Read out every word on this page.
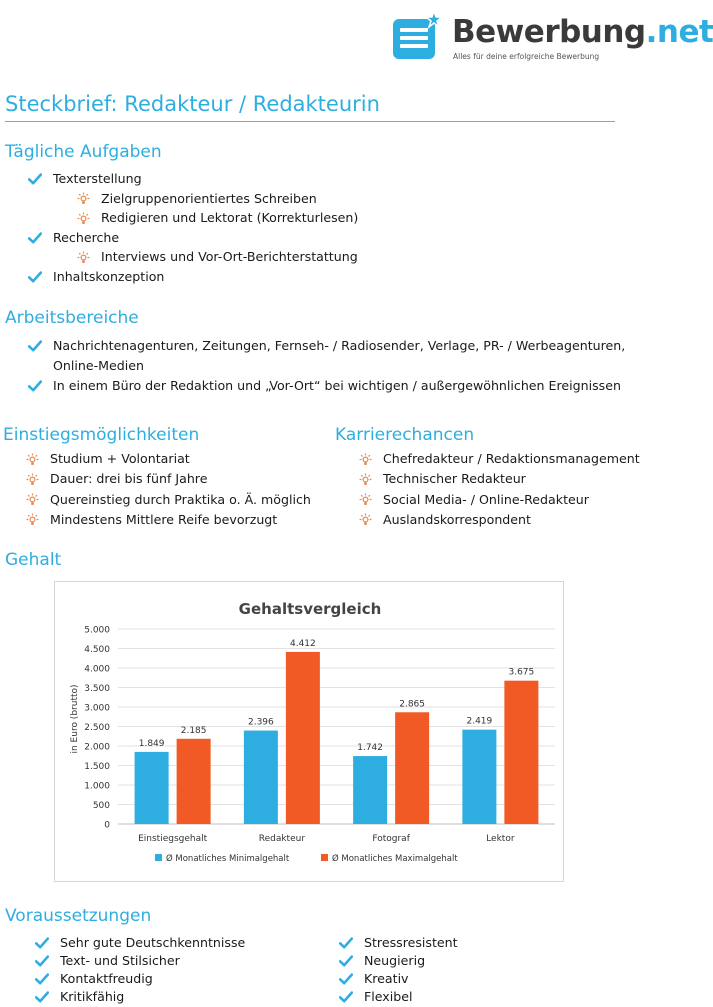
Bewerbung.net
Alles für deine erfolgreiche Bewerbung
Steckbrief: Redakteur / Redakteurin
Tägliche Aufgaben
Texterstellung
Zielgruppenorientiertes Schreiben
Redigieren und Lektorat (Korrekturlesen)
Recherche
Interviews und Vor-Ort-Berichterstattung
Inhaltskonzeption
Arbeitsbereiche
Nachrichtenagenturen, Zeitungen, Fernseh- / Radiosender, Verlage, PR- / Werbeagenturen,
Online-Medien
In einem Büro der Redaktion und „Vor-Ort“ bei wichtigen / außergewöhnlichen Ereignissen
Einstiegsmöglichkeiten	Karrierechancen
Studium + Volontariat
Dauer: drei bis fünf Jahre
Quereinstieg durch Praktika o. Ä. möglich
Mindestens Mittlere Reife bevorzugt
Chefredakteur / Redaktionsmanagement
Technischer Redakteur
Social Media- / Online-Redakteur
Auslandskorrespondent
Gehalt
Gehaltsvergleich
in Euro (brutto)
0
500
1.000
1.500
2.000
2.500
3.000
3.500
4.000
4.500
5.000
Einstiegsgehalt
1.849
2.185
Redakteur
2.396
4.412
Fotograf
1.742
2.865
Lektor
2.419
3.675
Ø Monatliches Minimalgehalt	Ø Monatliches Maximalgehalt
Voraussetzungen
Sehr gute Deutschkenntnisse
Text- und Stilsicher
Kontaktfreudig
Kritikfähig
Stressresistent
Neugierig
Kreativ
Flexibel
